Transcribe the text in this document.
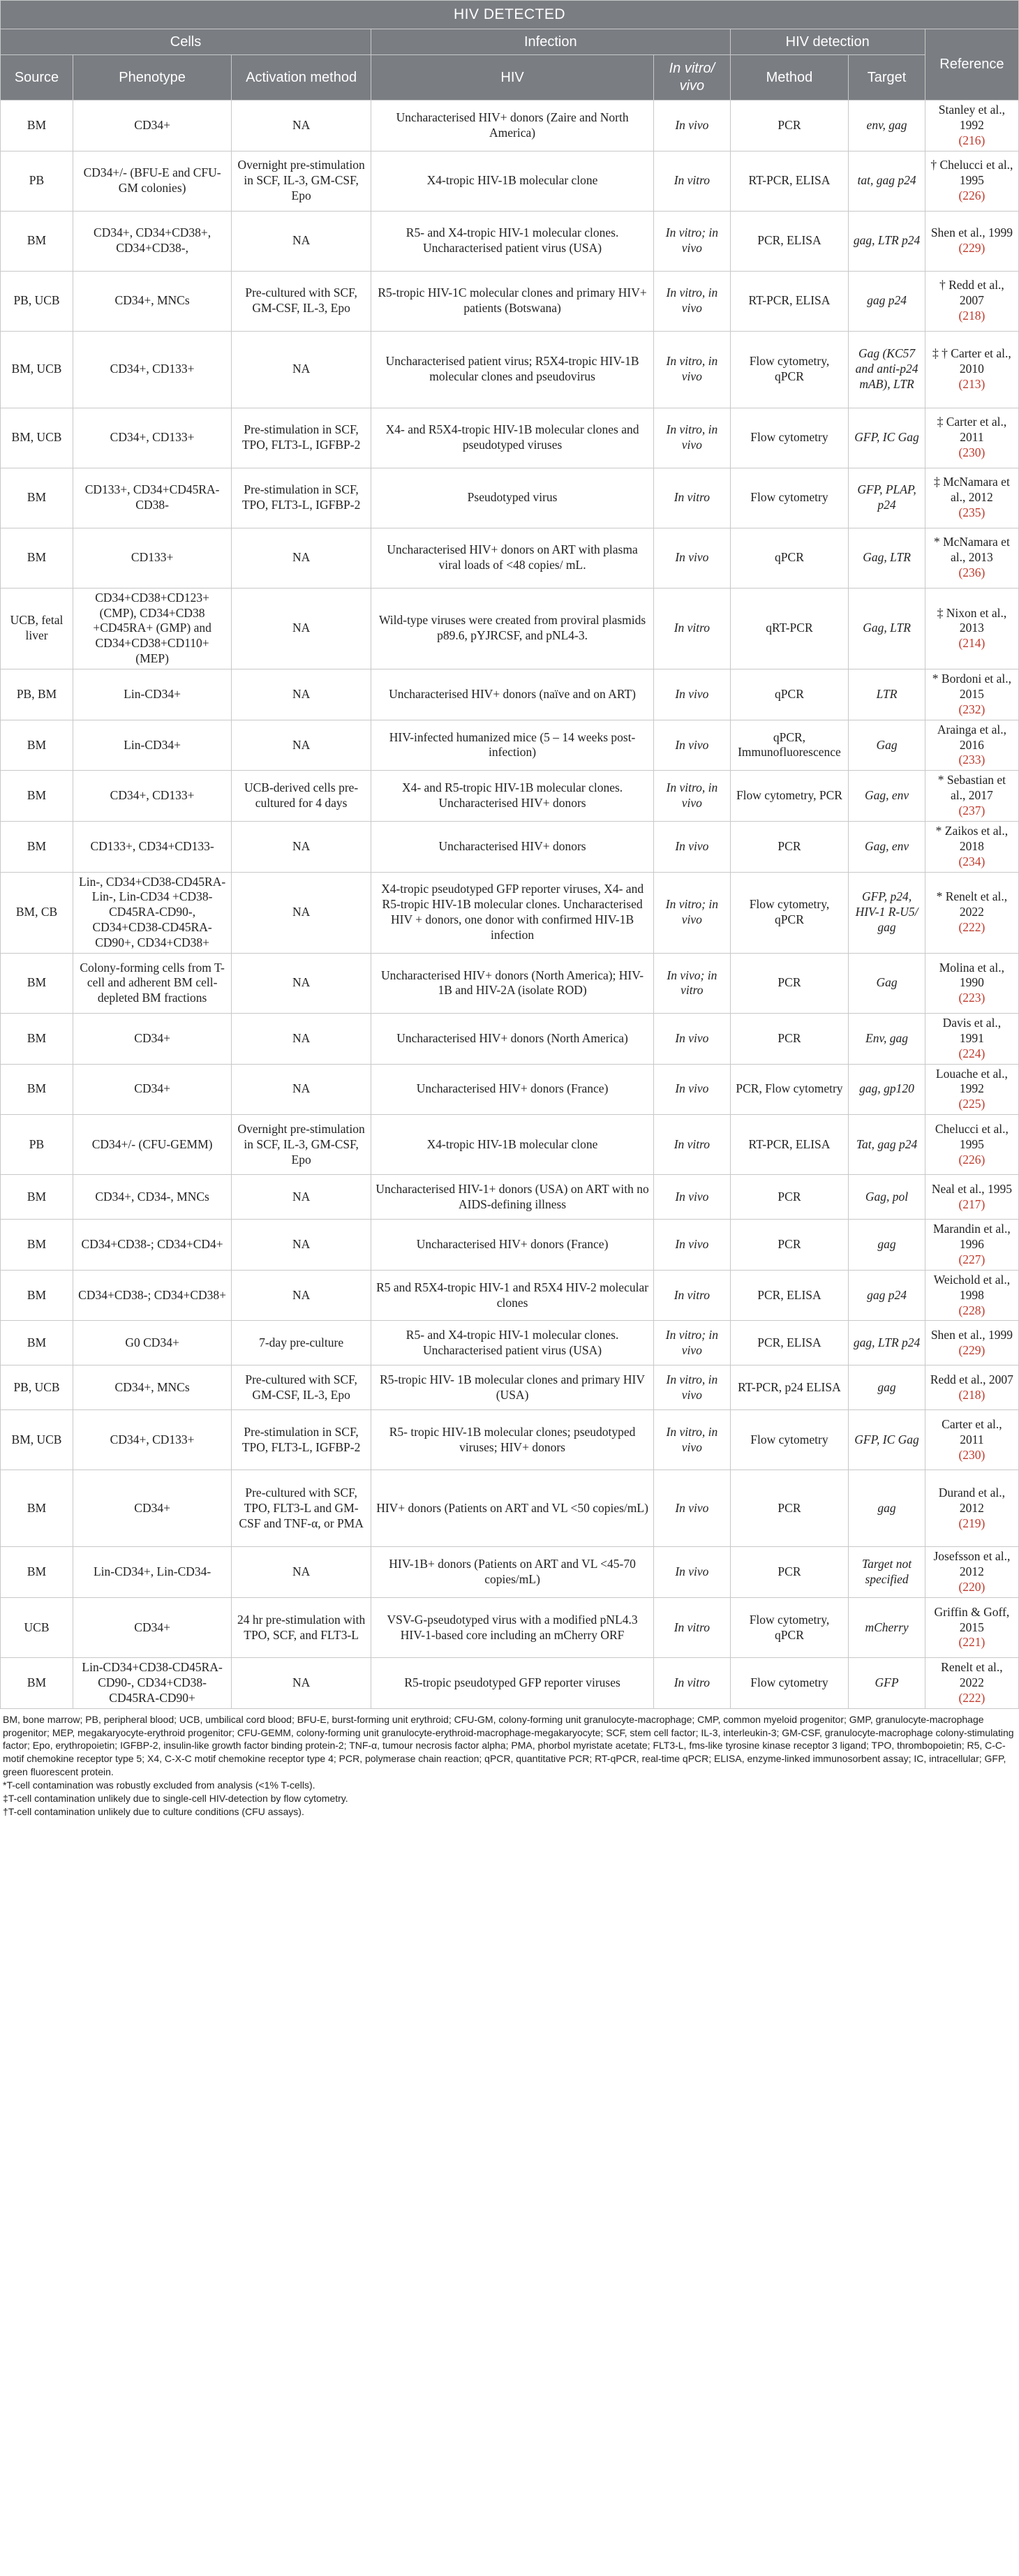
HIV DETECTED							
Cells			Infection		HIV detection		Reference
Source	Phenotype	Activation method	HIV	In vitro/ vivo	Method	Target	
BM	CD34+	NA	Uncharacterised HIV+ donors (Zaire and North America)	In vivo	PCR	env, gag	Stanley et al., 1992
(216)
PB	CD34+/- (BFU-E and CFU-GM colonies)	Overnight pre-stimulation in SCF, IL-3, GM-CSF, Epo	X4-tropic HIV-1B molecular clone	In vitro	RT-PCR, ELISA	tat, gag p24	† Chelucci et al., 1995
(226)
BM	CD34+, CD34+CD38+, CD34+CD38-,	NA	R5- and X4-tropic HIV-1 molecular clones. Uncharacterised patient virus (USA)	In vitro; in vivo	PCR, ELISA	gag, LTR p24	Shen et al., 1999
(229)
PB, UCB	CD34+, MNCs	Pre-cultured with SCF, GM-CSF, IL-3, Epo	R5-tropic HIV-1C molecular clones and primary HIV+ patients (Botswana)	In vitro, in vivo	RT-PCR, ELISA	gag p24	† Redd et al., 2007
(218)
BM, UCB	CD34+, CD133+	NA	Uncharacterised patient virus; R5X4-tropic HIV-1B molecular clones and pseudovirus	In vitro, in vivo	Flow cytometry, qPCR	Gag (KC57 and anti-p24 mAB), LTR	‡ † Carter et al., 2010
(213)
BM, UCB	CD34+, CD133+	Pre-stimulation in SCF, TPO, FLT3-L, IGFBP-2	X4- and R5X4-tropic HIV-1B molecular clones and pseudotyped viruses	In vitro, in vivo	Flow cytometry	GFP, IC Gag	‡ Carter et al., 2011
(230)
BM	CD133+, CD34+CD45RA-CD38-	Pre-stimulation in SCF, TPO, FLT3-L, IGFBP-2	Pseudotyped virus	In vitro	Flow cytometry	GFP, PLAP, p24	‡ McNamara et al., 2012
(235)
BM	CD133+	NA	Uncharacterised HIV+ donors on ART with plasma viral loads of <48 copies/ mL.	In vivo	qPCR	Gag, LTR	* McNamara et al., 2013
(236)
UCB, fetal liver	CD34+CD38+CD123+ (CMP), CD34+CD38 +CD45RA+ (GMP) and CD34+CD38+CD110+ (MEP)	NA	Wild-type viruses were created from proviral plasmids p89.6, pYJRCSF, and pNL4-3.	In vitro	qRT-PCR	Gag, LTR	‡ Nixon et al., 2013
(214)
PB, BM	Lin-CD34+	NA	Uncharacterised HIV+ donors (naïve and on ART)	In vivo	qPCR	LTR	* Bordoni et al., 2015
(232)
BM	Lin-CD34+	NA	HIV-infected humanized mice (5 – 14 weeks post-infection)	In vivo	qPCR, Immunofluorescence	Gag	Arainga et al., 2016
(233)
BM	CD34+, CD133+	UCB-derived cells pre-cultured for 4 days	X4- and R5-tropic HIV-1B molecular clones. Uncharacterised HIV+ donors	In vitro, in vivo	Flow cytometry, PCR	Gag, env	* Sebastian et al., 2017
(237)
BM	CD133+, CD34+CD133-	NA	Uncharacterised HIV+ donors	In vivo	PCR	Gag, env	* Zaikos et al., 2018
(234)
BM, CB	Lin-, CD34+CD38-CD45RA-Lin-, Lin-CD34 +CD38-CD45RA-CD90-, CD34+CD38-CD45RA-CD90+, CD34+CD38+	NA	X4-tropic pseudotyped GFP reporter viruses, X4- and R5-tropic HIV-1B molecular clones. Uncharacterised HIV + donors, one donor with confirmed HIV-1B infection	In vitro; in vivo	Flow cytometry, qPCR	GFP, p24, HIV-1 R-U5/ gag	* Renelt et al., 2022
(222)
BM	Colony-forming cells from T-cell and adherent BM cell-depleted BM fractions	NA	Uncharacterised HIV+ donors (North America); HIV-1B and HIV-2A (isolate ROD)	In vivo; in vitro	PCR	Gag	Molina et al., 1990
(223)
BM	CD34+	NA	Uncharacterised HIV+ donors (North America)	In vivo	PCR	Env, gag	Davis et al., 1991
(224)
BM	CD34+	NA	Uncharacterised HIV+ donors (France)	In vivo	PCR, Flow cytometry	gag, gp120	Louache et al., 1992
(225)
PB	CD34+/- (CFU-GEMM)	Overnight pre-stimulation in SCF, IL-3, GM-CSF, Epo	X4-tropic HIV-1B molecular clone	In vitro	RT-PCR, ELISA	Tat, gag p24	Chelucci et al., 1995
(226)
BM	CD34+, CD34-, MNCs	NA	Uncharacterised HIV-1+ donors (USA) on ART with no AIDS-defining illness	In vivo	PCR	Gag, pol	Neal et al., 1995
(217)
BM	CD34+CD38-; CD34+CD4+	NA	Uncharacterised HIV+ donors (France)	In vivo	PCR	gag	Marandin et al., 1996
(227)
BM	CD34+CD38-; CD34+CD38+	NA	R5 and R5X4-tropic HIV-1 and R5X4 HIV-2 molecular clones	In vitro	PCR, ELISA	gag p24	Weichold et al., 1998
(228)
BM	G0 CD34+	7-day pre-culture	R5- and X4-tropic HIV-1 molecular clones. Uncharacterised patient virus (USA)	In vitro; in vivo	PCR, ELISA	gag, LTR p24	Shen et al., 1999
(229)
PB, UCB	CD34+, MNCs	Pre-cultured with SCF, GM-CSF, IL-3, Epo	R5-tropic HIV- 1B molecular clones and primary HIV (USA)	In vitro, in vivo	RT-PCR, p24 ELISA	gag	Redd et al., 2007
(218)
BM, UCB	CD34+, CD133+	Pre-stimulation in SCF, TPO, FLT3-L, IGFBP-2	R5- tropic HIV-1B molecular clones; pseudotyped viruses; HIV+ donors	In vitro, in vivo	Flow cytometry	GFP, IC Gag	Carter et al., 2011
(230)
BM	CD34+	Pre-cultured with SCF, TPO, FLT3-L and GM-CSF and TNF-α, or PMA	HIV+ donors (Patients on ART and VL <50 copies/mL)	In vivo	PCR	gag	Durand et al., 2012
(219)
BM	Lin-CD34+, Lin-CD34-	NA	HIV-1B+ donors (Patients on ART and VL <45-70 copies/mL)	In vivo	PCR	Target not specified	Josefsson et al., 2012
(220)
UCB	CD34+	24 hr pre-stimulation with TPO, SCF, and FLT3-L	VSV-G-pseudotyped virus with a modified pNL4.3 HIV-1-based core including an mCherry ORF	In vitro	Flow cytometry, qPCR	mCherry	Griffin & Goff, 2015
(221)
BM	Lin-CD34+CD38-CD45RA-CD90-, CD34+CD38-CD45RA-CD90+	NA	R5-tropic pseudotyped GFP reporter viruses	In vitro	Flow cytometry	GFP	Renelt et al., 2022
(222)

BM, bone marrow; PB, peripheral blood; UCB, umbilical cord blood; BFU-E, burst-forming unit erythroid; CFU-GM, colony-forming unit granulocyte-macrophage; CMP, common myeloid progenitor; GMP, granulocyte-macrophage progenitor; MEP, megakaryocyte-erythroid progenitor; CFU-GEMM, colony-forming unit granulocyte-erythroid-macrophage-megakaryocyte; SCF, stem cell factor; IL-3, interleukin-3; GM-CSF, granulocyte-macrophage colony-stimulating factor; Epo, erythropoietin; IGFBP-2, insulin-like growth factor binding protein-2; TNF-α, tumour necrosis factor alpha; PMA, phorbol myristate acetate; FLT3-L, fms-like tyrosine kinase receptor 3 ligand; TPO, thrombopoietin; R5, C-C-motif chemokine receptor type 5; X4, C-X-C motif chemokine receptor type 4; PCR, polymerase chain reaction; qPCR, quantitative PCR; RT-qPCR, real-time qPCR; ELISA, enzyme-linked immunosorbent assay; IC, intracellular; GFP, green fluorescent protein.

*T-cell contamination was robustly excluded from analysis (<1% T-cells).

‡T-cell contamination unlikely due to single-cell HIV-detection by flow cytometry.

†T-cell contamination unlikely due to culture conditions (CFU assays).
